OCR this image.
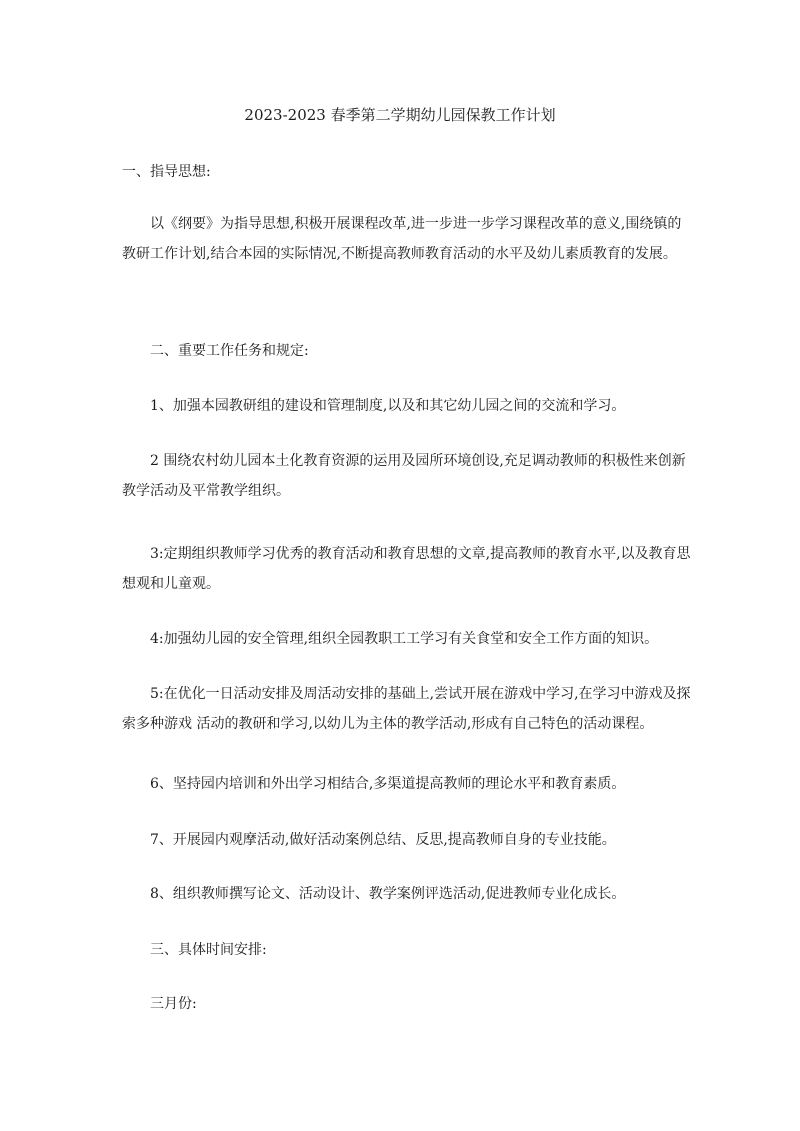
2023-2023 春季第二学期幼儿园保教工作计划

一、指导思想:

以《纲要》为指导思想,积极开展课程改革,进一步进一步学习课程改革的意义,围绕镇的教研工作计划,结合本园的实际情况,不断提高教师教育活动的水平及幼儿素质教育的发展。

二、重要工作任务和规定:

1、加强本园教研组的建设和管理制度,以及和其它幼儿园之间的交流和学习。

2 围绕农村幼儿园本土化教育资源的运用及园所环境创设,充足调动教师的积极性来创新教学活动及平常教学组织。

3:定期组织教师学习优秀的教育活动和教育思想的文章,提高教师的教育水平,以及教育思想观和儿童观。

4:加强幼儿园的安全管理,组织全园教职工工学习有关食堂和安全工作方面的知识。

5:在优化一日活动安排及周活动安排的基础上,尝试开展在游戏中学习,在学习中游戏及探索多种游戏 活动的教研和学习,以幼儿为主体的教学活动,形成有自己特色的活动课程。

6、坚持园内培训和外出学习相结合,多渠道提高教师的理论水平和教育素质。

7、开展园内观摩活动,做好活动案例总结、反思,提高教师自身的专业技能。

8、组织教师撰写论文、活动设计、教学案例评选活动,促进教师专业化成长。

三、具体时间安排:

三月份:
